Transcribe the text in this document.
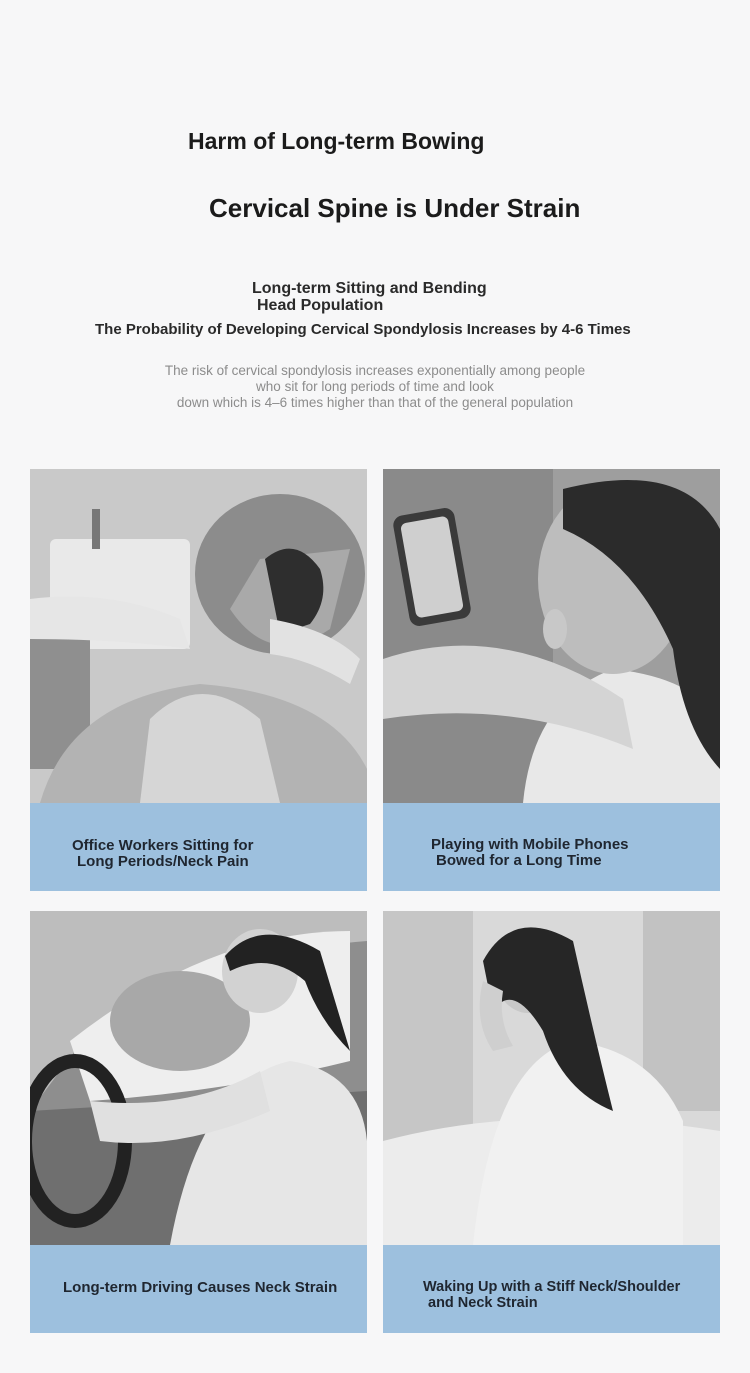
Harm of Long-term Bowing
Cervical Spine is Under Strain
Long-term Sitting and Bending
Head Population
The Probability of Developing Cervical Spondylosis Increases by 4-6 Times
The risk of cervical spondylosis increases exponentially among people
who sit for long periods of time and look
down which is 4–6 times higher than that of the general population
Office Workers Sitting for
Long Periods/Neck Pain
Playing with Mobile Phones
Bowed for a Long Time
Long-term Driving Causes Neck Strain	Waking Up with a Stiff Neck/Shoulder
and Neck Strain
